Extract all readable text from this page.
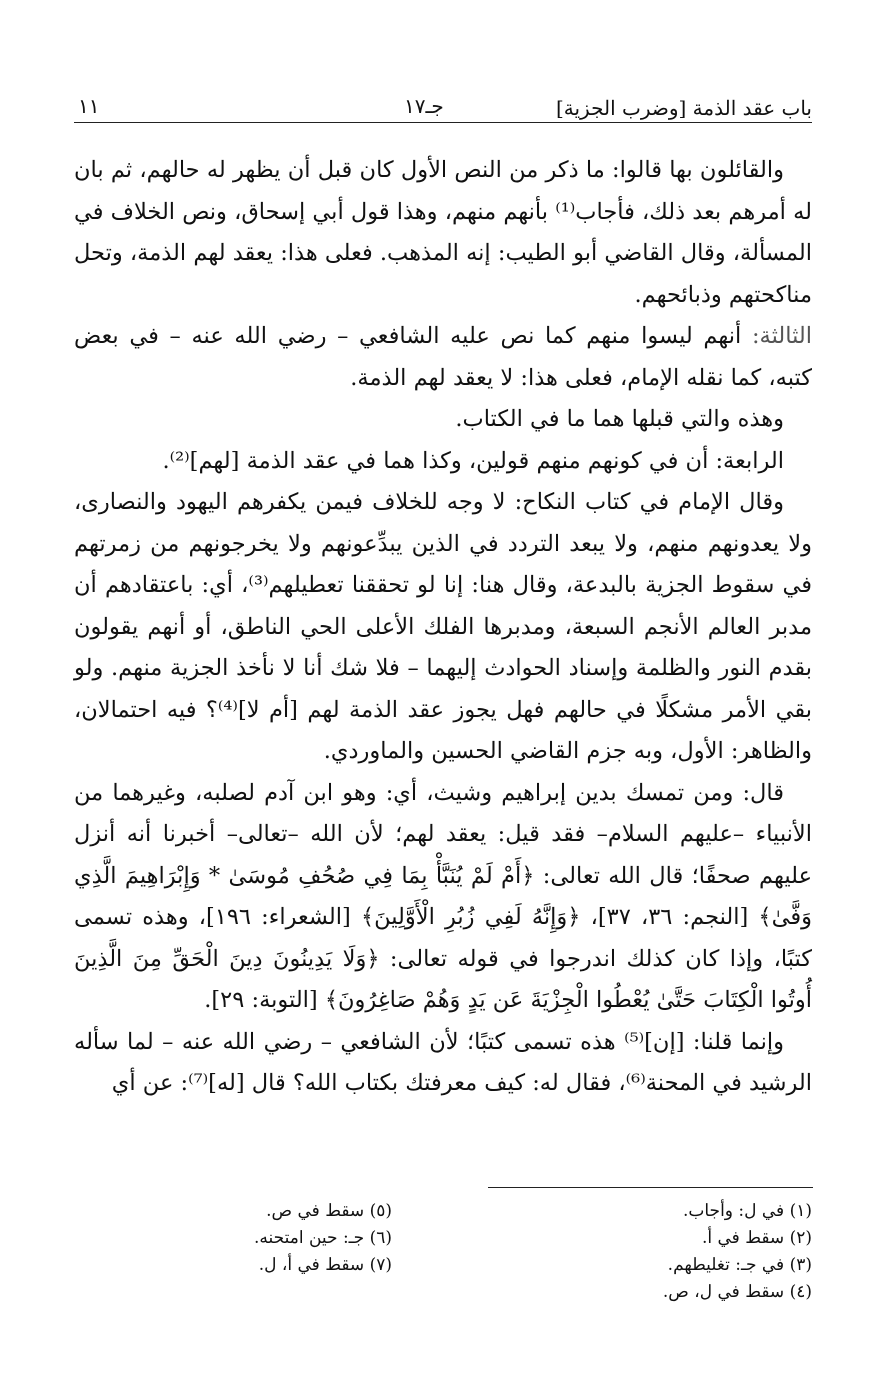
باب عقد الذمة [وضرب الجزية]
جـ١٧
١١

والقائلون بها قالوا: ما ذكر من النص الأول كان قبل أن يظهر له حالهم، ثم بان له أمرهم بعد ذلك، فأجاب⁽¹⁾ بأنهم منهم، وهذا قول أبي إسحاق، ونص الخلاف في المسألة، وقال القاضي أبو الطيب: إنه المذهب. فعلى هذا: يعقد لهم الذمة، وتحل مناكحتهم وذبائحهم.

الثالثة: أنهم ليسوا منهم كما نص عليه الشافعي – رضي الله عنه – في بعض كتبه، كما نقله الإمام، فعلى هذا: لا يعقد لهم الذمة.

وهذه والتي قبلها هما ما في الكتاب.

الرابعة: أن في كونهم منهم قولين، وكذا هما في عقد الذمة [لهم]⁽²⁾.

وقال الإمام في كتاب النكاح: لا وجه للخلاف فيمن يكفرهم اليهود والنصارى، ولا يعدونهم منهم، ولا يبعد التردد في الذين يبدِّعونهم ولا يخرجونهم من زمرتهم في سقوط الجزية بالبدعة، وقال هنا: إنا لو تحققنا تعطيلهم⁽³⁾، أي: باعتقادهم أن مدبر العالم الأنجم السبعة، ومدبرها الفلك الأعلى الحي الناطق، أو أنهم يقولون بقدم النور والظلمة وإسناد الحوادث إليهما – فلا شك أنا لا نأخذ الجزية منهم. ولو بقي الأمر مشكلًا في حالهم فهل يجوز عقد الذمة لهم [أم لا]⁽⁴⁾؟ فيه احتمالان، والظاهر: الأول، وبه جزم القاضي الحسين والماوردي.

قال: ومن تمسك بدين إبراهيم وشيث، أي: وهو ابن آدم لصلبه، وغيرهما من الأنبياء –عليهم السلام– فقد قيل: يعقد لهم؛ لأن الله –تعالى– أخبرنا أنه أنزل عليهم صحفًا؛ قال الله تعالى: ﴿أَمْ لَمْ يُنَبَّأْ بِمَا فِي صُحُفِ مُوسَىٰ * وَإِبْرَاهِيمَ الَّذِي وَفَّىٰ﴾ [النجم: ٣٦، ٣٧]، ﴿وَإِنَّهُ لَفِي زُبُرِ الْأَوَّلِينَ﴾ [الشعراء: ١٩٦]، وهذه تسمى كتبًا، وإذا كان كذلك اندرجوا في قوله تعالى: ﴿وَلَا يَدِينُونَ دِينَ الْحَقِّ مِنَ الَّذِينَ أُوتُوا الْكِتَابَ حَتَّىٰ يُعْطُوا الْجِزْيَةَ عَن يَدٍ وَهُمْ صَاغِرُونَ﴾ [التوبة: ٢٩].

وإنما قلنا: [إن]⁽⁵⁾ هذه تسمى كتبًا؛ لأن الشافعي – رضي الله عنه – لما سأله الرشيد في المحنة⁽⁶⁾، فقال له: كيف معرفتك بكتاب الله؟ قال [له]⁽⁷⁾: عن أي

(١) في ل: وأجاب.
(٢) سقط في أ.
(٣) في جـ: تغليطهم.
(٤) سقط في ل، ص.
(٥) سقط في ص.
(٦) جـ: حين امتحنه.
(٧) سقط في أ، ل.
